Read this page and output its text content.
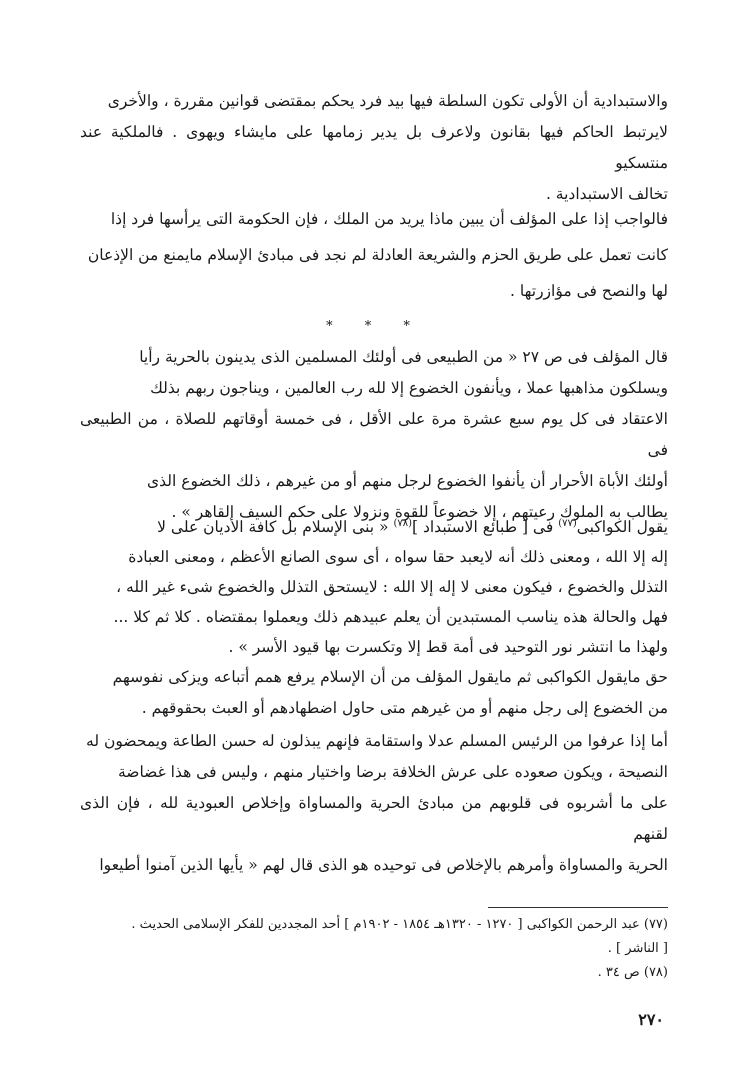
والاستبدادية أن الأولى تكون السلطة فيها بيد فرد يحكم بمقتضى قوانين مقررة ، والأخرى

لايرتبط الحاكم فيها بقانون ولاعرف بل يدير زمامها على مايشاء ويهوى . فالملكية عند منتسكيو

تخالف الاستبدادية .

فالواجب إذا على المؤلف أن يبين ماذا يريد من الملك ، فإن الحكومة التى يرأسها فرد إذا

كانت تعمل على طريق الحزم والشريعة العادلة لم نجد فى مبادئ الإسلام مايمنع من الإذعان

لها والنصح فى مؤازرتها .

* * *

قال المؤلف فى ص ٢٧ « من الطبيعى فى أولئك المسلمين الذى يدينون بالحرية رأيا

ويسلكون مذاهبها عملا ، ويأنفون الخضوع إلا لله رب العالمين ، ويناجون ربهم بذلك

الاعتقاد فى كل يوم سبع عشرة مرة على الأقل ، فى خمسة أوقاتهم للصلاة ، من الطبيعى فى

أولئك الأباة الأحرار أن يأنفوا الخضوع لرجل منهم أو من غيرهم ، ذلك الخضوع الذى

يطالب به الملوك رعيتهم ، إلا خضوعاً للقوة ونزولا على حكم السيف القاهر » .

يقول الكواكبى$^{(٧٧)}$ فى [ طبائع الاستبداد ]$^{(٧٨)}$ « بنى الإسلام بل كافة الأديان على لا

إله إلا الله ، ومعنى ذلك أنه لايعبد حقا سواه ، أى سوى الصانع الأعظم ، ومعنى العبادة

التذلل والخضوع ، فيكون معنى لا إله إلا الله : لايستحق التذلل والخضوع شىء غير الله ،

فهل والحالة هذه يناسب المستبدين أن يعلم عبيدهم ذلك ويعملوا بمقتضاه . كلا ثم كلا ...

ولهذا ما انتشر نور التوحيد فى أمة قط إلا وتكسرت بها قيود الأسر » .

حق مايقول الكواكبى ثم مايقول المؤلف من أن الإسلام يرفع همم أتباعه ويزكى نفوسهم

من الخضوع إلى رجل منهم أو من غيرهم متى حاول اضطهادهم أو العبث بحقوقهم .

أما إذا عرفوا من الرئيس المسلم عدلا واستقامة فإنهم يبذلون له حسن الطاعة ويمحضون له

النصيحة ، ويكون صعوده على عرش الخلافة برضا واختيار منهم ، وليس فى هذا غضاضة

على ما أشربوه فى قلوبهم من مبادئ الحرية والمساواة وإخلاص العبودية لله ، فإن الذى لقنهم

الحرية والمساواة وأمرهم بالإخلاص فى توحيده هو الذى قال لهم « يأيها الذين آمنوا أطيعوا

(٧٧) عبد الرحمن الكواكبى [ ١٢٧٠ - ١٣٢٠هـ ١٨٥٤ - ١٩٠٢م ] أحد المجددين للفكر الإسلامى الحديث .
[ الناشر ] .
(٧٨) ص ٣٤ .
٢٧٠
